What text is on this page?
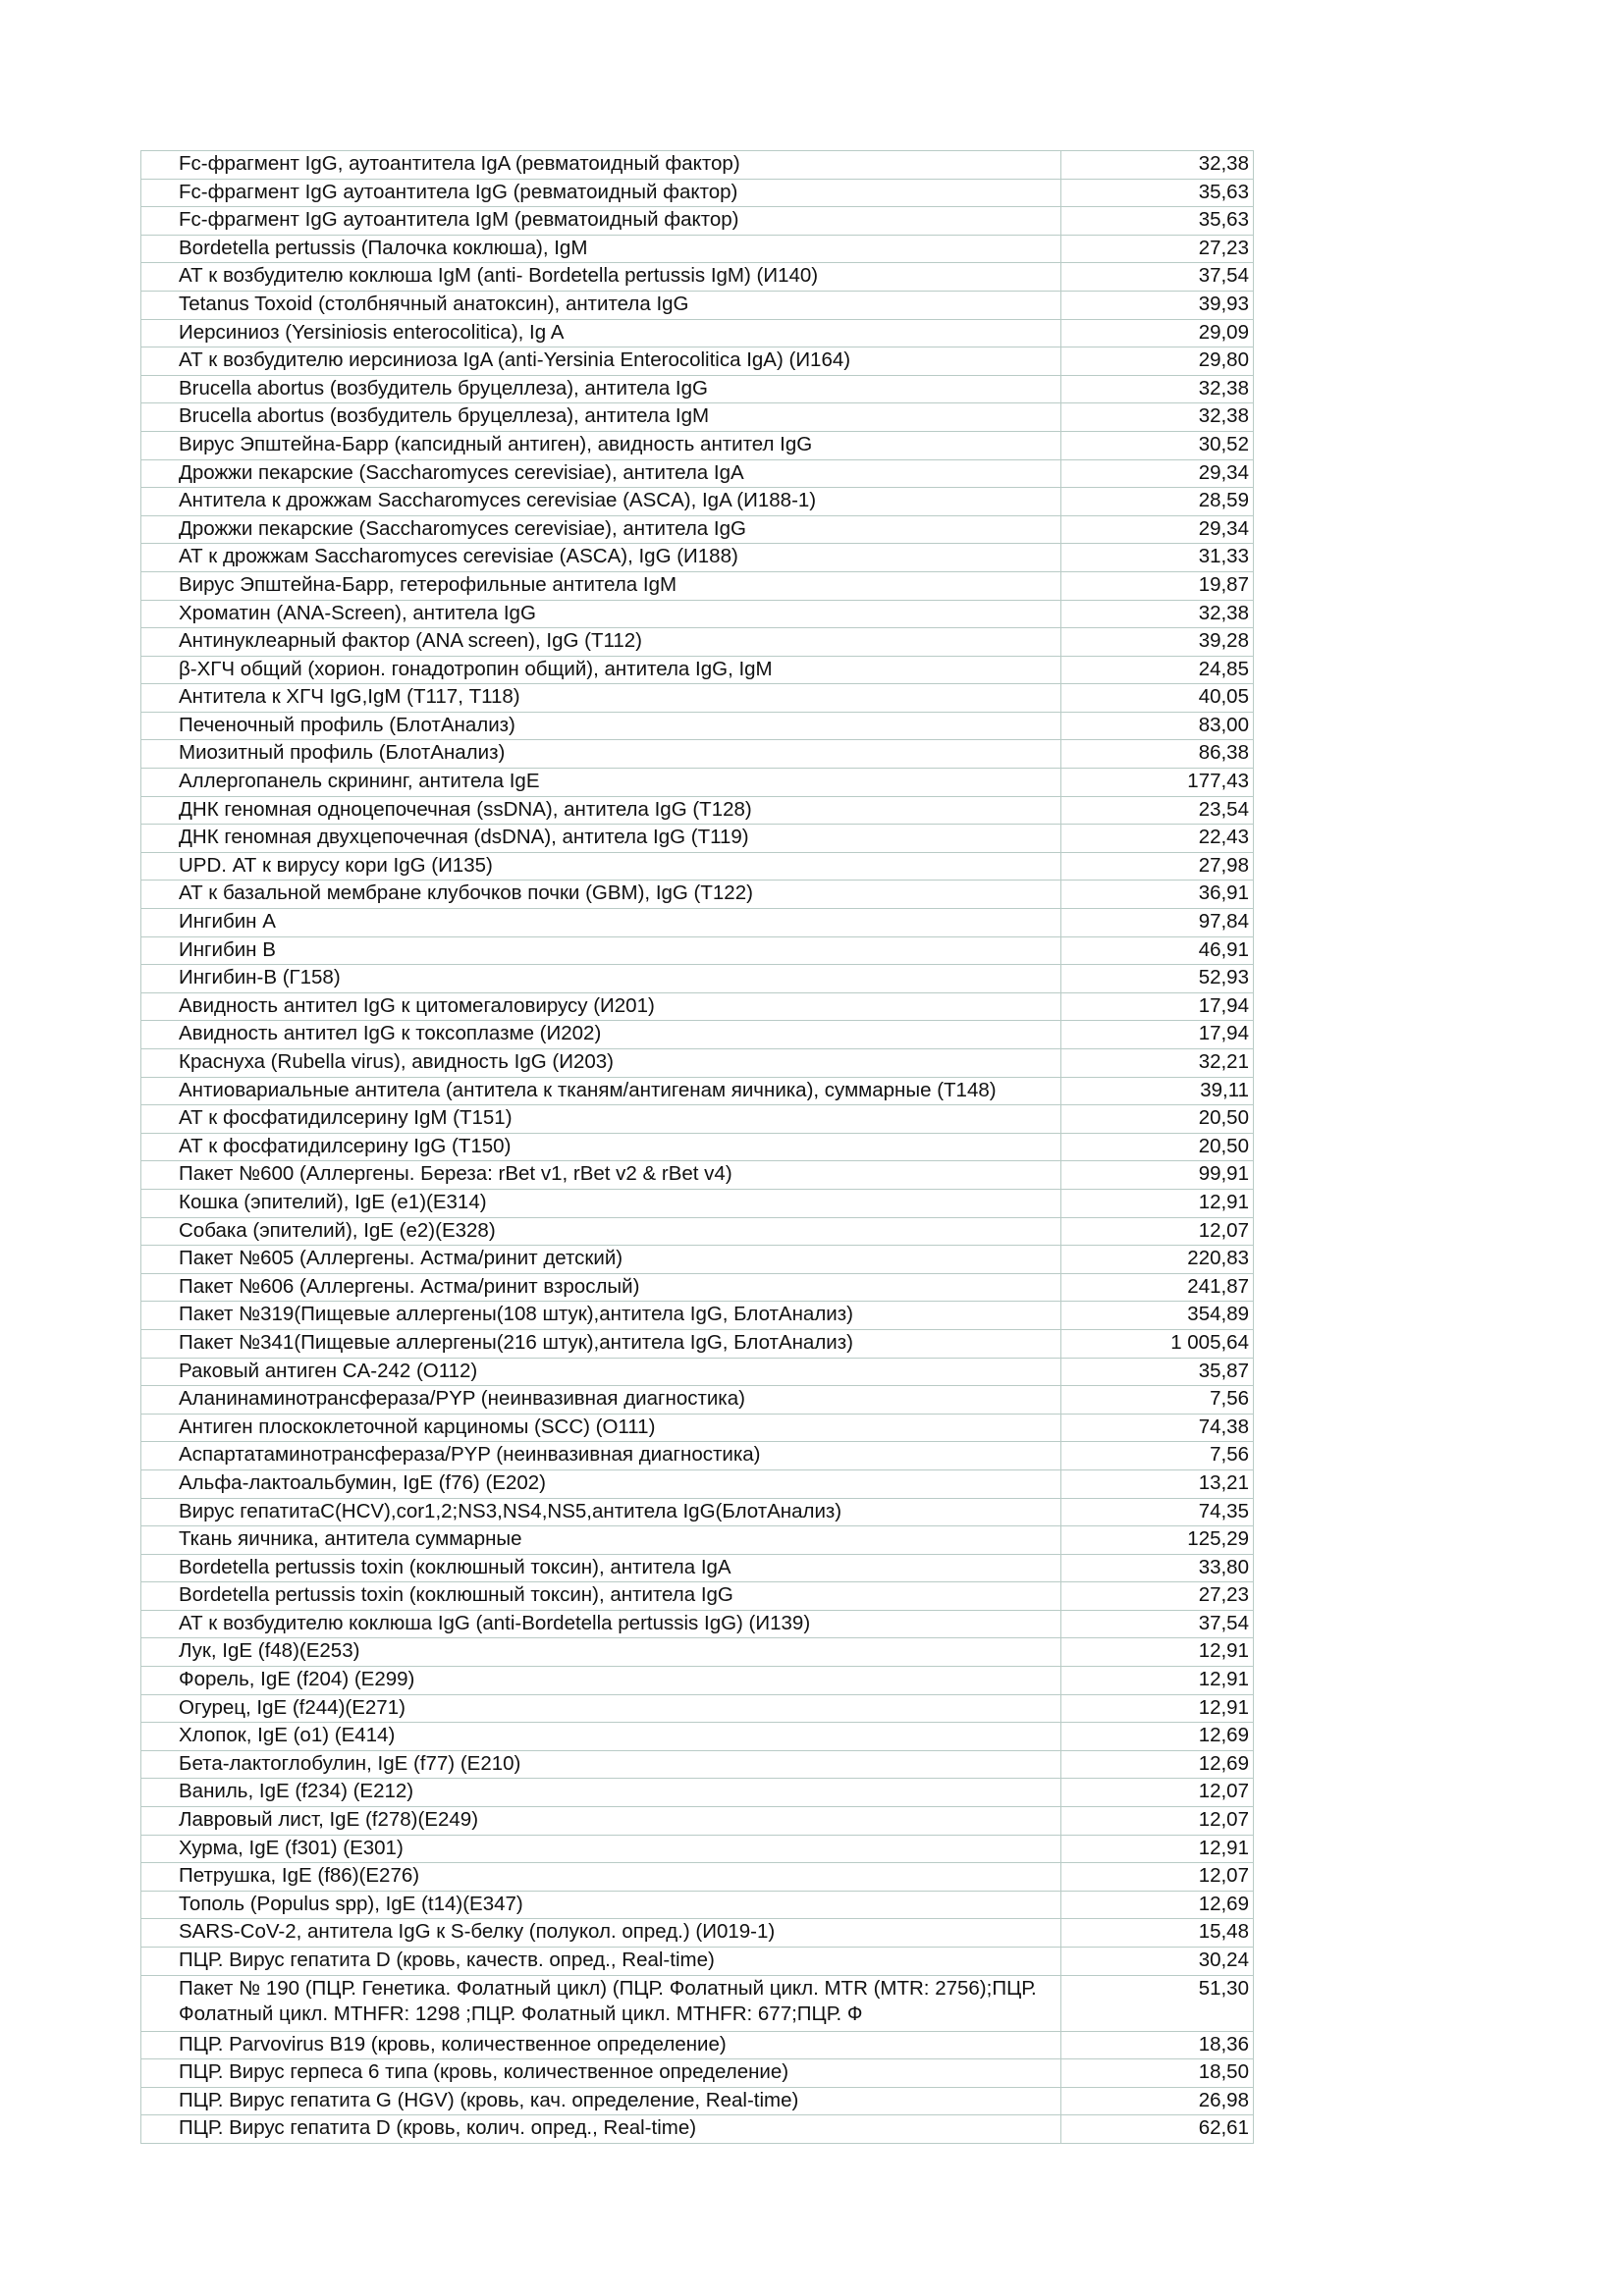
Fc-фрагмент IgG, аутоантитела IgA (ревматоидный фактор)	32,38
Fc-фрагмент IgG аутоантитела IgG (ревматоидный фактор)	35,63
Fc-фрагмент IgG аутоантитела IgM (ревматоидный фактор)	35,63
Bordetella pertussis (Палочка коклюша), IgM	27,23
АТ к возбудителю коклюша IgM (anti- Bordetella pertussis IgM) (И140)	37,54
Tetanus Toxoid (столбнячный анатоксин), антитела IgG	39,93
Иерсиниоз (Yersiniosis enterocolitica), Ig A	29,09
АТ к возбудителю иерсиниоза IgA (anti-Yersinia Enterocolitica IgA) (И164)	29,80
Brucella abortus (возбудитель бруцеллеза), антитела IgG	32,38
Brucella abortus (возбудитель бруцеллеза), антитела IgM	32,38
Вирус Эпштейна-Барр (капсидный антиген), авидность антител IgG	30,52
Дрожжи пекарские (Saccharomyces cerevisiae), антитела IgA	29,34
Антитела к дрожжам Saccharomyces cerevisiae (ASCA), IgA (И188-1)	28,59
Дрожжи пекарские (Saccharomyces cerevisiae), антитела IgG	29,34
АТ к дрожжам Saccharomyces cerevisiae (ASCA), IgG (И188)	31,33
Вирус Эпштейна-Барр, гетерофильные антитела IgM	19,87
Хроматин (ANA-Screen), антитела IgG	32,38
Антинуклеарный фактор (ANA screen), IgG (Т112)	39,28
β-ХГЧ общий (хорион. гонадотропин общий), антитела IgG, IgM	24,85
Антитела к ХГЧ IgG,IgM (Т117, Т118)	40,05
Печеночный профиль (БлотАнализ)	83,00
Миозитный профиль (БлотАнализ)	86,38
Аллергопанель скрининг, антитела IgE	177,43
ДНК геномная одноцепочечная (ssDNA), антитела IgG (Т128)	23,54
ДНК геномная двухцепочечная (dsDNA), антитела IgG (Т119)	22,43
UPD. АТ к вирусу кори IgG (И135)	27,98
АТ к базальной мембране клубочков почки (GBM), IgG (Т122)	36,91
Ингибин А	97,84
Ингибин В	46,91
Ингибин-В (Г158)	52,93
Авидность антител IgG к цитомегаловирусу (И201)	17,94
Авидность антител IgG к токсоплазме (И202)	17,94
Краснуха (Rubella virus), авидность IgG (И203)	32,21
Антиовариальные антитела (антитела к тканям/антигенам яичника), суммарные (Т148)	39,11
АТ к фосфатидилсерину IgM (Т151)	20,50
АТ к фосфатидилсерину IgG (Т150)	20,50
Пакет №600 (Аллергены. Береза: rBet v1, rBet v2 & rBet v4)	99,91
Кошка (эпителий), IgE (e1)(E314)	12,91
Собака (эпителий), IgE (e2)(E328)	12,07
Пакет №605 (Аллергены. Астма/ринит детский)	220,83
Пакет №606 (Аллергены. Астма/ринит взрослый)	241,87
Пакет №319(Пищевые аллергены(108 штук),антитела IgG, БлотАнализ)	354,89
Пакет №341(Пищевые аллергены(216 штук),антитела IgG, БлотАнализ)	1 005,64
Раковый антиген CA-242 (О112)	35,87
Аланинаминотрансфераза/PYP (неинвазивная диагностика)	7,56
Антиген плоскоклеточной карциномы (SCC) (О111)	74,38
Аспартатаминотрансфераза/PYP (неинвазивная диагностика)	7,56
Альфа-лактоальбумин, IgE (f76) (E202)	13,21
Вирус гепатитаC(HCV),cor1,2;NS3,NS4,NS5,антитела IgG(БлотАнализ)	74,35
Ткань яичника, антитела суммарные	125,29
Bordetella pertussis toxin (коклюшный токсин), антитела IgA	33,80
Bordetella pertussis toxin (коклюшный токсин), антитела IgG	27,23
АТ к возбудителю коклюша IgG (anti-Bordetella pertussis IgG) (И139)	37,54
Лук, IgE (f48)(E253)	12,91
Форель, IgE (f204) (E299)	12,91
Огурец, IgE (f244)(E271)	12,91
Хлопок, IgE (o1) (E414)	12,69
Бета-лактоглобулин, IgE (f77) (E210)	12,69
Ваниль, IgE (f234) (E212)	12,07
Лавровый лист, IgE (f278)(E249)	12,07
Хурма, IgE (f301) (E301)	12,91
Петрушка, IgE (f86)(E276)	12,07
Тополь (Populus spp), IgE (t14)(E347)	12,69
SARS-CoV-2, антитела IgG к S-белку (полукол. опред.) (И019-1)	15,48
ПЦР. Вирус гепатита D (кровь, качеств. опред., Real-time)	30,24
Пакет № 190 (ПЦР. Генетика. Фолатный цикл) (ПЦР. Фолатный цикл. MTR (MTR: 2756);ПЦР. Фолатный цикл. MTHFR: 1298 ;ПЦР. Фолатный цикл. MTHFR: 677;ПЦР. Ф	51,30
ПЦР. Parvovirus B19 (кровь, количественное определение)	18,36
ПЦР. Вирус герпеса 6 типа (кровь, количественное определение)	18,50
ПЦР. Вирус гепатита G (HGV) (кровь, кач. определение, Real-time)	26,98
ПЦР. Вирус гепатита D (кровь, колич. опред., Real-time)	62,61
